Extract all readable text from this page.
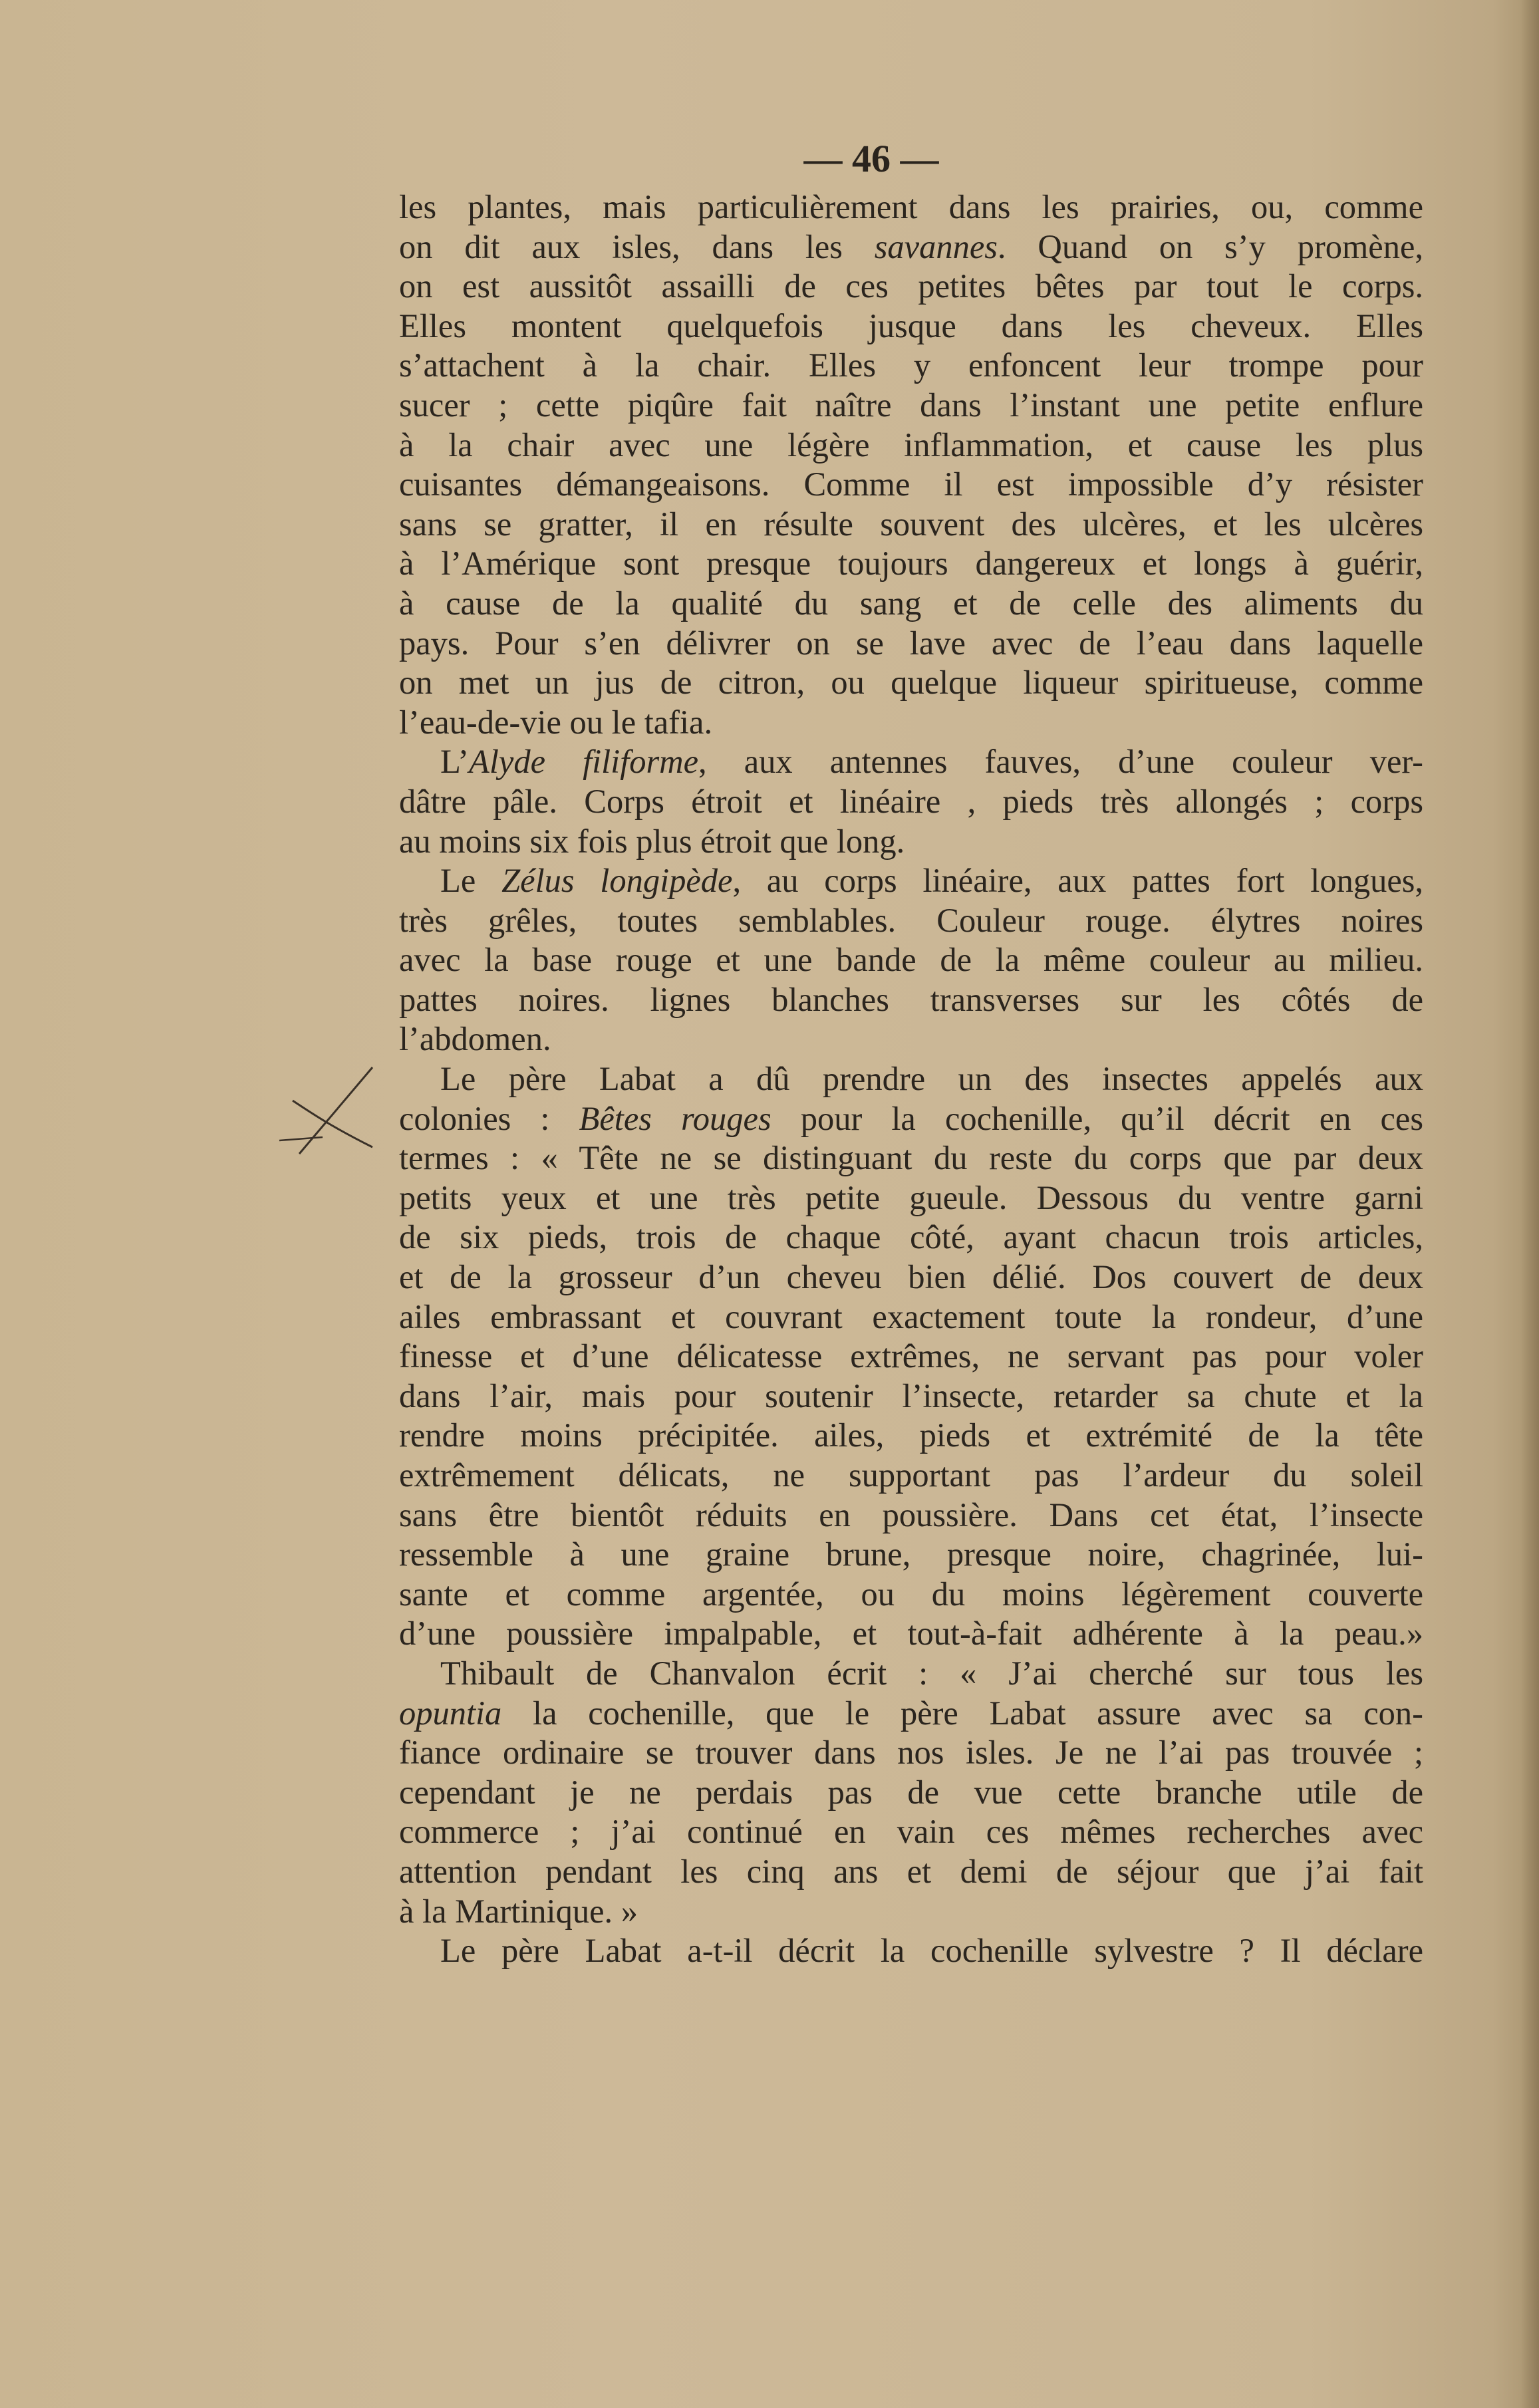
— 46 —
X
les plantes, mais particulièrement dans les prairies, ou, comme
on dit aux isles, dans les savannes. Quand on s’y promène,
on est aussitôt assailli de ces petites bêtes par tout le corps.
Elles montent quelquefois jusque dans les cheveux. Elles
s’attachent à la chair. Elles y enfoncent leur trompe pour
sucer ; cette piqûre fait naître dans l’instant une petite enflure
à la chair avec une légère inflammation, et cause les plus
cuisantes démangeaisons. Comme il est impossible d’y résister
sans se gratter, il en résulte souvent des ulcères, et les ulcères
à l’Amérique sont presque toujours dangereux et longs à guérir,
à cause de la qualité du sang et de celle des aliments du
pays. Pour s’en délivrer on se lave avec de l’eau dans laquelle
on met un jus de citron, ou quelque liqueur spiritueuse, comme
l’eau-de-vie ou le tafia.
L’Alyde filiforme, aux antennes fauves, d’une couleur ver-
dâtre pâle. Corps étroit et linéaire , pieds très allongés ; corps
au moins six fois plus étroit que long.
Le Zélus longipède, au corps linéaire, aux pattes fort longues,
très grêles, toutes semblables. Couleur rouge. élytres noires
avec la base rouge et une bande de la même couleur au milieu.
pattes noires. lignes blanches transverses sur les côtés de
l’abdomen.
Le père Labat a dû prendre un des insectes appelés aux
colonies : Bêtes rouges pour la cochenille, qu’il décrit en ces
termes : « Tête ne se distinguant du reste du corps que par deux
petits yeux et une très petite gueule. Dessous du ventre garni
de six pieds, trois de chaque côté, ayant chacun trois articles,
et de la grosseur d’un cheveu bien délié. Dos couvert de deux
ailes embrassant et couvrant exactement toute la rondeur, d’une
finesse et d’une délicatesse extrêmes, ne servant pas pour voler
dans l’air, mais pour soutenir l’insecte, retarder sa chute et la
rendre moins précipitée. ailes, pieds et extrémité de la tête
extrêmement délicats, ne supportant pas l’ardeur du soleil
sans être bientôt réduits en poussière. Dans cet état, l’insecte
ressemble à une graine brune, presque noire, chagrinée, lui-
sante et comme argentée, ou du moins légèrement couverte
d’une poussière impalpable, et tout-à-fait adhérente à la peau.»
Thibault de Chanvalon écrit : « J’ai cherché sur tous les
opuntia la cochenille, que le père Labat assure avec sa con-
fiance ordinaire se trouver dans nos isles. Je ne l’ai pas trouvée ;
cependant je ne perdais pas de vue cette branche utile de
commerce ; j’ai continué en vain ces mêmes recherches avec
attention pendant les cinq ans et demi de séjour que j’ai fait
à la Martinique. »
Le père Labat a-t-il décrit la cochenille sylvestre ? Il déclare
